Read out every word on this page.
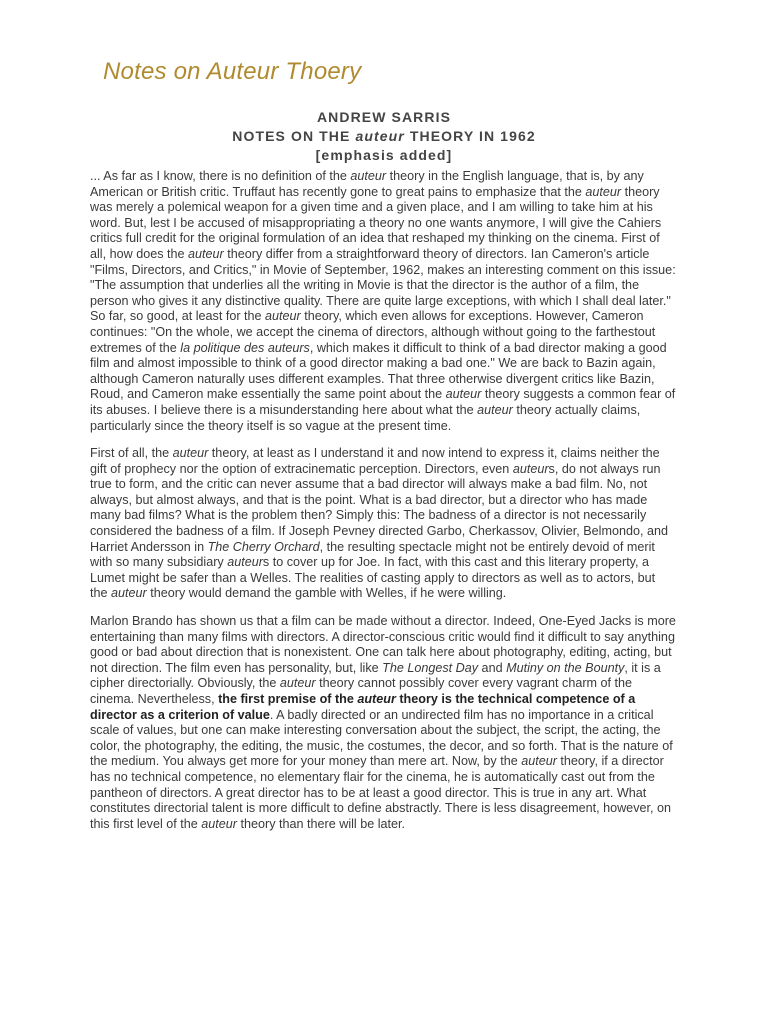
Notes on Auteur Thoery
ANDREW SARRIS
NOTES ON THE auteur THEORY IN 1962
[emphasis added]

... As far as I know, there is no definition of the auteur theory in the English language, that is, by any American or British critic. Truffaut has recently gone to great pains to emphasize that the auteur theory was merely a polemical weapon for a given time and a given place, and I am willing to take him at his word. But, lest I be accused of misappropriating a theory no one wants anymore, I will give the Cahiers critics full credit for the original formulation of an idea that reshaped my thinking on the cinema. First of all, how does the auteur theory differ from a straightforward theory of directors. Ian Cameron's article "Films, Directors, and Critics," in Movie of September, 1962, makes an interesting comment on this issue: "The assumption that underlies all the writing in Movie is that the director is the author of a film, the person who gives it any distinctive quality. There are quite large exceptions, with which I shall deal later." So far, so good, at least for the auteur theory, which even allows for exceptions. However, Cameron continues: "On the whole, we accept the cinema of directors, although without going to the farthestout extremes of the la politique des auteurs, which makes it difficult to think of a bad director making a good film and almost impossible to think of a good director making a bad one." We are back to Bazin again, although Cameron naturally uses different examples. That three otherwise divergent critics like Bazin, Roud, and Cameron make essentially the same point about the auteur theory suggests a common fear of its abuses. I believe there is a misunderstanding here about what the auteur theory actually claims, particularly since the theory itself is so vague at the present time.

First of all, the auteur theory, at least as I understand it and now intend to express it, claims neither the gift of prophecy nor the option of extracinematic perception. Directors, even auteurs, do not always run true to form, and the critic can never assume that a bad director will always make a bad film. No, not always, but almost always, and that is the point. What is a bad director, but a director who has made many bad films? What is the problem then? Simply this: The badness of a director is not necessarily considered the badness of a film. If Joseph Pevney directed Garbo, Cherkassov, Olivier, Belmondo, and Harriet Andersson in The Cherry Orchard, the resulting spectacle might not be entirely devoid of merit with so many subsidiary auteurs to cover up for Joe. In fact, with this cast and this literary property, a Lumet might be safer than a Welles. The realities of casting apply to directors as well as to actors, but the auteur theory would demand the gamble with Welles, if he were willing.

Marlon Brando has shown us that a film can be made without a director. Indeed, One-Eyed Jacks is more entertaining than many films with directors. A director-conscious critic would find it difficult to say anything good or bad about direction that is nonexistent. One can talk here about photography, editing, acting, but not direction. The film even has personality, but, like The Longest Day and Mutiny on the Bounty, it is a cipher directorially. Obviously, the auteur theory cannot possibly cover every vagrant charm of the cinema. Nevertheless, the first premise of the auteur theory is the technical competence of a director as a criterion of value. A badly directed or an undirected film has no importance in a critical scale of values, but one can make interesting conversation about the subject, the script, the acting, the color, the photography, the editing, the music, the costumes, the decor, and so forth. That is the nature of the medium. You always get more for your money than mere art. Now, by the auteur theory, if a director has no technical competence, no elementary flair for the cinema, he is automatically cast out from the pantheon of directors. A great director has to be at least a good director. This is true in any art. What constitutes directorial talent is more difficult to define abstractly. There is less disagreement, however, on this first level of the auteur theory than there will be later.
